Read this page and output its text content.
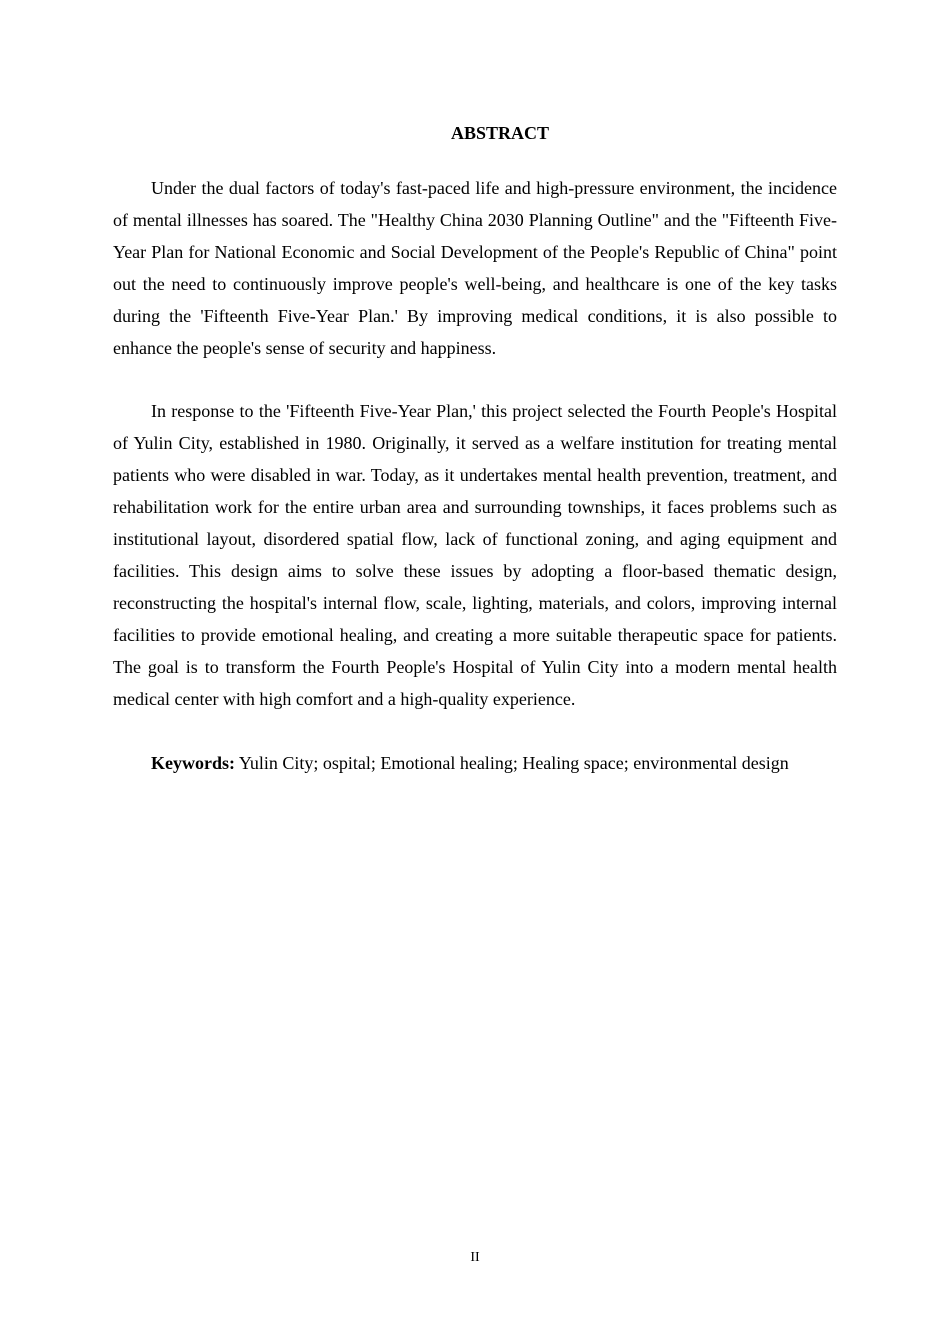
ABSTRACT

Under the dual factors of today's fast-paced life and high-pressure environment, the incidence of mental illnesses has soared. The "Healthy China 2030 Planning Outline" and the "Fifteenth Five-Year Plan for National Economic and Social Development of the People's Republic of China" point out the need to continuously improve people's well-being, and healthcare is one of the key tasks during the 'Fifteenth Five-Year Plan.' By improving medical conditions, it is also possible to enhance the people's sense of security and happiness.

In response to the 'Fifteenth Five-Year Plan,' this project selected the Fourth People's Hospital of Yulin City, established in 1980. Originally, it served as a welfare institution for treating mental patients who were disabled in war. Today, as it undertakes mental health prevention, treatment, and rehabilitation work for the entire urban area and surrounding townships, it faces problems such as institutional layout, disordered spatial flow, lack of functional zoning, and aging equipment and facilities. This design aims to solve these issues by adopting a floor-based thematic design, reconstructing the hospital's internal flow, scale, lighting, materials, and colors, improving internal facilities to provide emotional healing, and creating a more suitable therapeutic space for patients. The goal is to transform the Fourth People's Hospital of Yulin City into a modern mental health medical center with high comfort and a high-quality experience.

Keywords: Yulin City; ospital; Emotional healing; Healing space; environmental design

II
